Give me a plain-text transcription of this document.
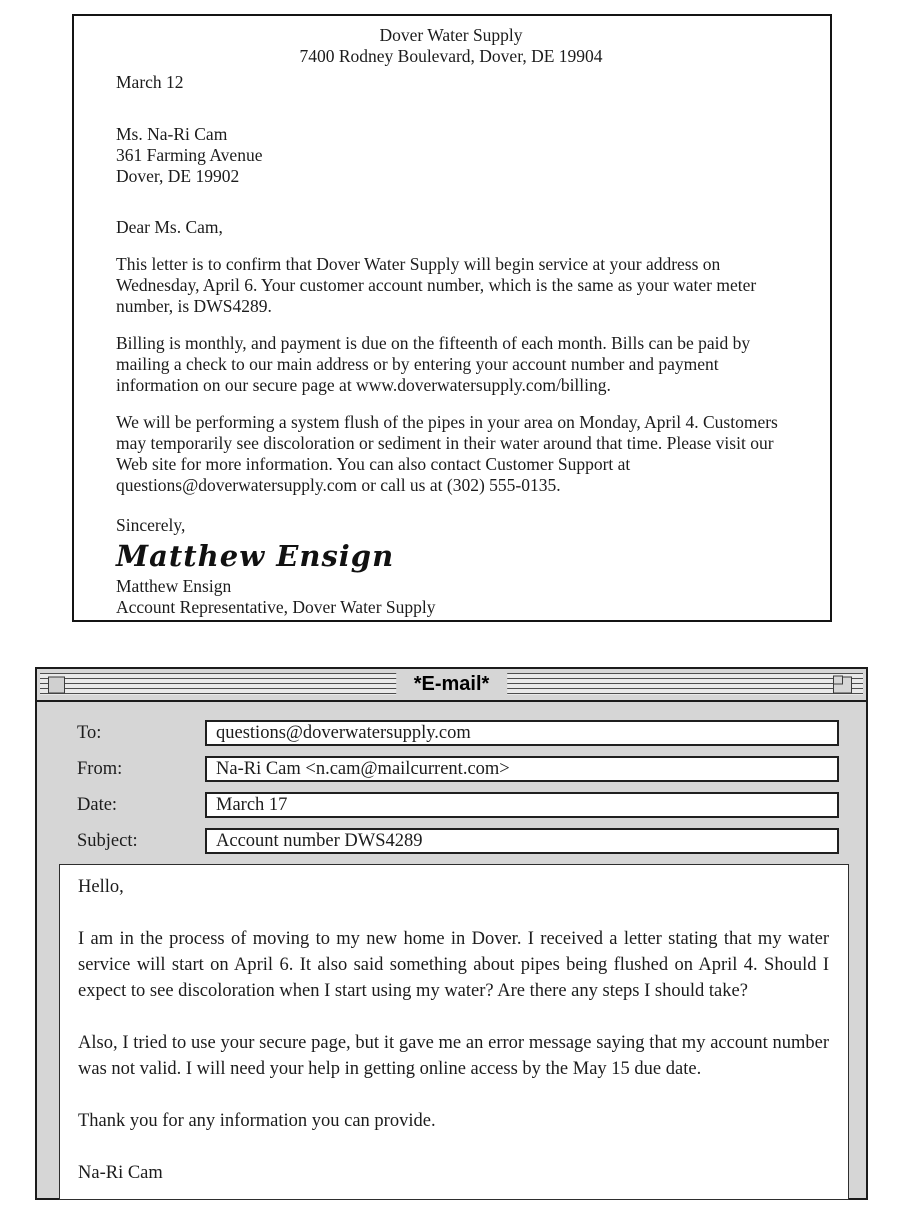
Dover Water Supply
7400 Rodney Boulevard, Dover, DE 19904
March 12
Ms. Na-Ri Cam
361 Farming Avenue
Dover, DE 19902
Dear Ms. Cam,

This letter is to confirm that Dover Water Supply will begin service at your address on Wednesday, April 6. Your customer account number, which is the same as your water meter number, is DWS4289.

Billing is monthly, and payment is due on the fifteenth of each month. Bills can be paid by mailing a check to our main address or by entering your account number and payment information on our secure page at www.doverwatersupply.com/billing.

We will be performing a system flush of the pipes in your area on Monday, April 4. Customers may temporarily see discoloration or sediment in their water around that time. Please visit our Web site for more information. You can also contact Customer Support at questions@doverwatersupply.com or call us at (302) 555-0135.

Sincerely,
Matthew Ensign
Matthew Ensign
Account Representative, Dover Water Supply
*E-mail*
To:	questions@doverwatersupply.com
From:	Na-Ri Cam <n.cam@mailcurrent.com>
Date:	March 17
Subject:	Account number DWS4289

Hello,

I am in the process of moving to my new home in Dover. I received a letter stating that my water service will start on April 6. It also said something about pipes being flushed on April 4. Should I expect to see discoloration when I start using my water? Are there any steps I should take?

Also, I tried to use your secure page, but it gave me an error message saying that my account number was not valid. I will need your help in getting online access by the May 15 due date.

Thank you for any information you can provide.

Na-Ri Cam
